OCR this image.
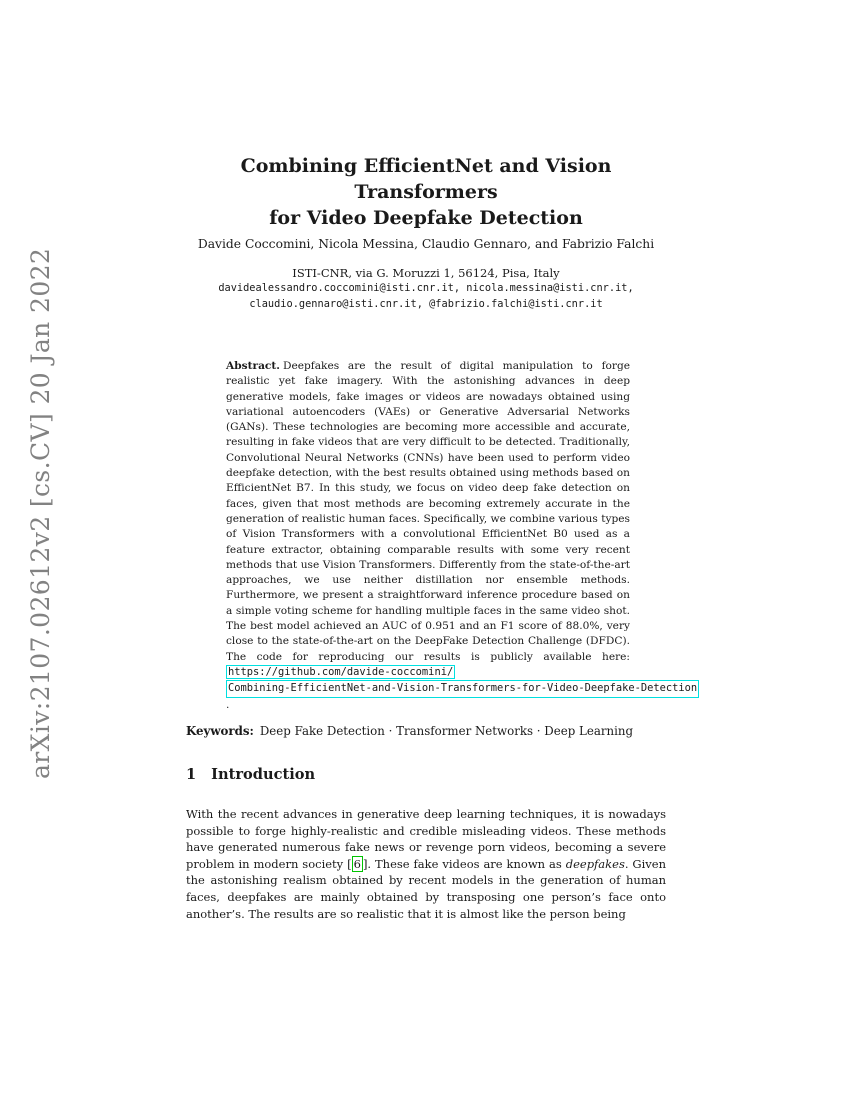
arXiv:2107.02612v2 [cs.CV] 20 Jan 2022
Combining EfficientNet and Vision Transformers
for Video Deepfake Detection
Davide Coccomini, Nicola Messina, Claudio Gennaro, and Fabrizio Falchi
ISTI-CNR, via G. Moruzzi 1, 56124, Pisa, Italy
davidealessandro.coccomini@isti.cnr.it, nicola.messina@isti.cnr.it,
claudio.gennaro@isti.cnr.it, @fabrizio.falchi@isti.cnr.it
Abstract. Deepfakes are the result of digital manipulation to forge realistic yet fake imagery. With the astonishing advances in deep generative models, fake images or videos are nowadays obtained using variational autoencoders (VAEs) or Generative Adversarial Networks (GANs). These technologies are becoming more accessible and accurate, resulting in fake videos that are very difficult to be detected. Traditionally, Convolutional Neural Networks (CNNs) have been used to perform video deepfake detection, with the best results obtained using methods based on EfficientNet B7. In this study, we focus on video deep fake detection on faces, given that most methods are becoming extremely accurate in the generation of realistic human faces. Specifically, we combine various types of Vision Transformers with a convolutional EfficientNet B0 used as a feature extractor, obtaining comparable results with some very recent methods that use Vision Transformers. Differently from the state-of-the-art approaches, we use neither distillation nor ensemble methods. Furthermore, we present a straightforward inference procedure based on a simple voting scheme for handling multiple faces in the same video shot. The best model achieved an AUC of 0.951 and an F1 score of 88.0%, very close to the state-of-the-art on the DeepFake Detection Challenge (DFDC). The code for reproducing our results is publicly available here: https://github.com/davide-coccomini/Combining-EfficientNet-and-Vision-Transformers-for-Video-Deepfake-Detection.
Keywords: Deep Fake Detection · Transformer Networks · Deep Learning
1 Introduction

With the recent advances in generative deep learning techniques, it is nowadays possible to forge highly-realistic and credible misleading videos. These methods have generated numerous fake news or revenge porn videos, becoming a severe problem in modern society [ 6 ]. These fake videos are known as deepfakes. Given the astonishing realism obtained by recent models in the generation of human faces, deepfakes are mainly obtained by transposing one person’s face onto another’s. The results are so realistic that it is almost like the person being
